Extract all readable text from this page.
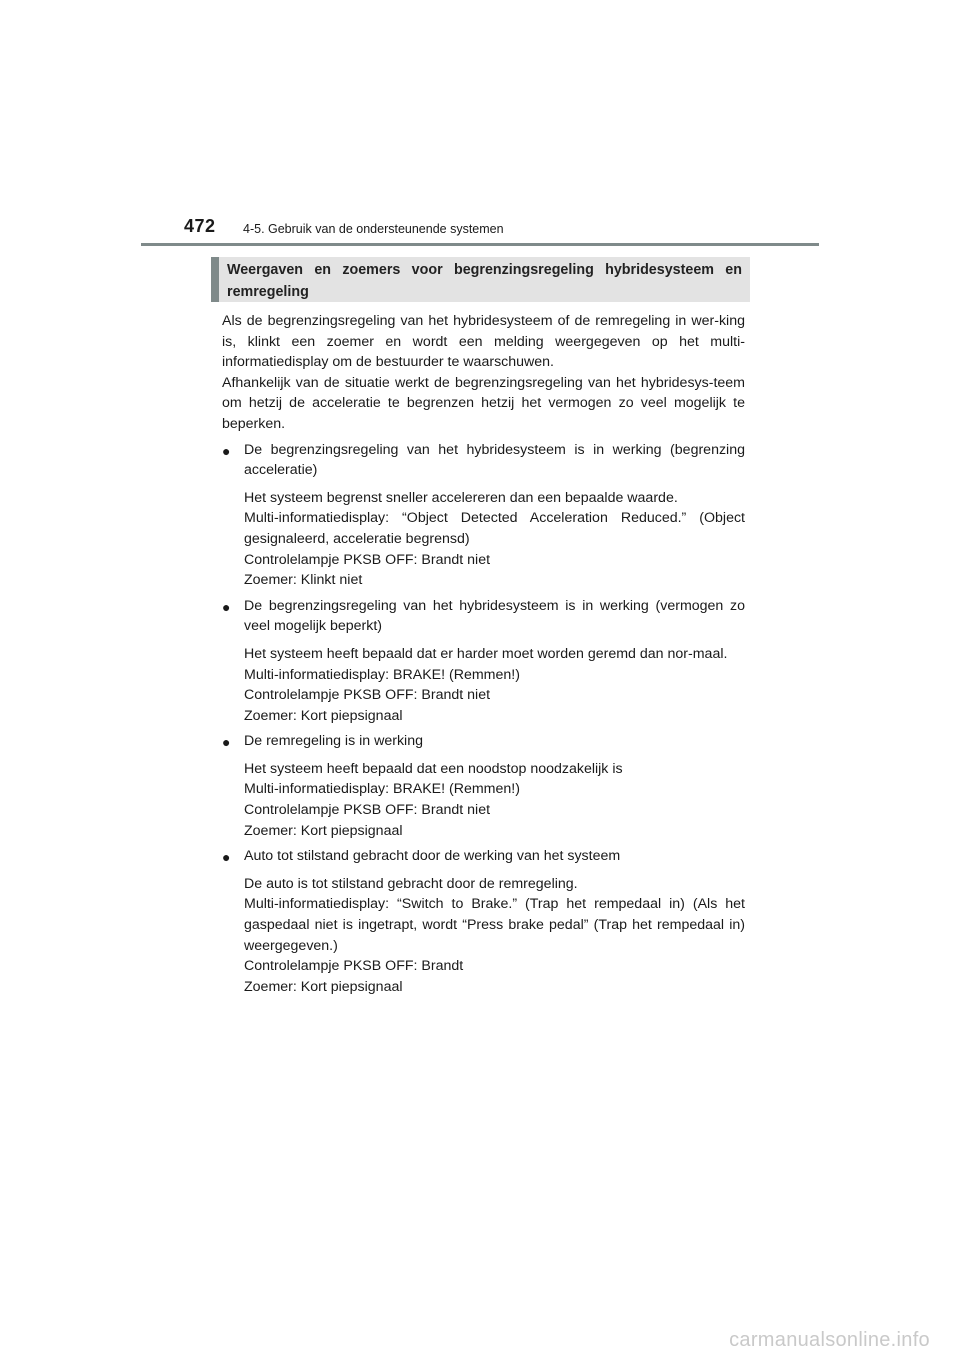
472 4-5. Gebruik van de ondersteunende systemen
Weergaven en zoemers voor begrenzingsregeling hybridesysteem en remregeling

Als de begrenzingsregeling van het hybridesysteem of de remregeling in wer-king is, klinkt een zoemer en wordt een melding weergegeven op het multi-informatiedisplay om de bestuurder te waarschuwen.

Afhankelijk van de situatie werkt de begrenzingsregeling van het hybridesys-teem om hetzij de acceleratie te begrenzen hetzij het vermogen zo veel mogelijk te beperken.

● De begrenzingsregeling van het hybridesysteem is in werking (begrenzing acceleratie)

Het systeem begrenst sneller accelereren dan een bepaalde waarde.

Multi-informatiedisplay: “Object Detected Acceleration Reduced.” (Object gesignaleerd, acceleratie begrensd)

Controlelampje PKSB OFF: Brandt niet

Zoemer: Klinkt niet

● De begrenzingsregeling van het hybridesysteem is in werking (vermogen zo veel mogelijk beperkt)

Het systeem heeft bepaald dat er harder moet worden geremd dan nor-maal.

Multi-informatiedisplay: BRAKE! (Remmen!)

Controlelampje PKSB OFF: Brandt niet

Zoemer: Kort piepsignaal

● De remregeling is in werking

Het systeem heeft bepaald dat een noodstop noodzakelijk is

Multi-informatiedisplay: BRAKE! (Remmen!)

Controlelampje PKSB OFF: Brandt niet

Zoemer: Kort piepsignaal

● Auto tot stilstand gebracht door de werking van het systeem

De auto is tot stilstand gebracht door de remregeling.

Multi-informatiedisplay: “Switch to Brake.” (Trap het rempedaal in) (Als het gaspedaal niet is ingetrapt, wordt “Press brake pedal” (Trap het rempedaal in) weergegeven.)

Controlelampje PKSB OFF: Brandt

Zoemer: Kort piepsignaal

carmanualsonline.info
